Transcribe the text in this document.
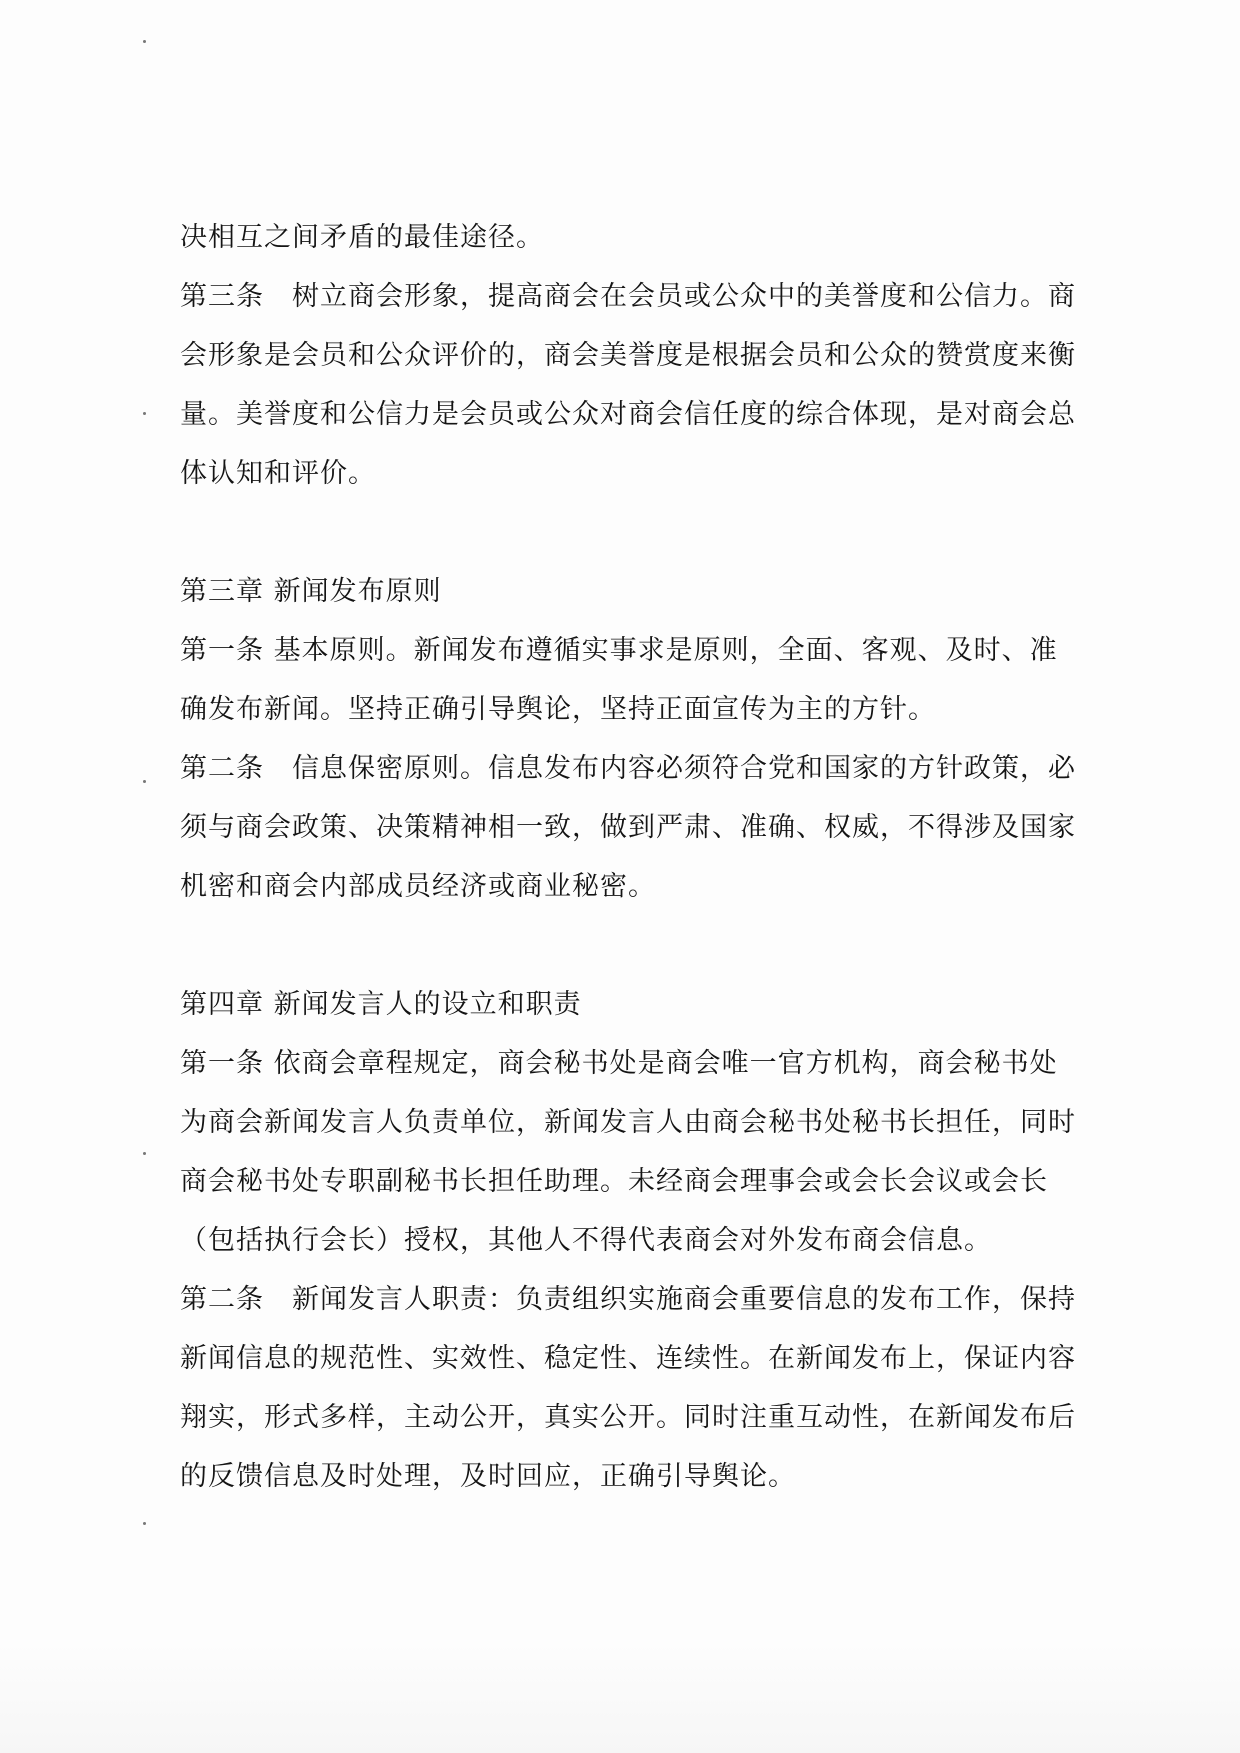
决相互之间矛盾的最佳途径。
第三条　树立商会形象，提高商会在会员或公众中的美誉度和公信力。商
会形象是会员和公众评价的，商会美誉度是根据会员和公众的赞赏度来衡
量。美誉度和公信力是会员或公众对商会信任度的综合体现，是对商会总
体认知和评价。
第三章 新闻发布原则
第一条 基本原则。新闻发布遵循实事求是原则，全面、客观、及时、准
确发布新闻。坚持正确引导舆论，坚持正面宣传为主的方针。
第二条　信息保密原则。信息发布内容必须符合党和国家的方针政策，必
须与商会政策、决策精神相一致，做到严肃、准确、权威，不得涉及国家
机密和商会内部成员经济或商业秘密。
第四章 新闻发言人的设立和职责
第一条 依商会章程规定，商会秘书处是商会唯一官方机构，商会秘书处
为商会新闻发言人负责单位，新闻发言人由商会秘书处秘书长担任，同时
商会秘书处专职副秘书长担任助理。未经商会理事会或会长会议或会长
（包括执行会长）授权，其他人不得代表商会对外发布商会信息。
第二条　新闻发言人职责：负责组织实施商会重要信息的发布工作，保持
新闻信息的规范性、实效性、稳定性、连续性。在新闻发布上，保证内容
翔实，形式多样，主动公开，真实公开。同时注重互动性，在新闻发布后
的反馈信息及时处理，及时回应，正确引导舆论。
